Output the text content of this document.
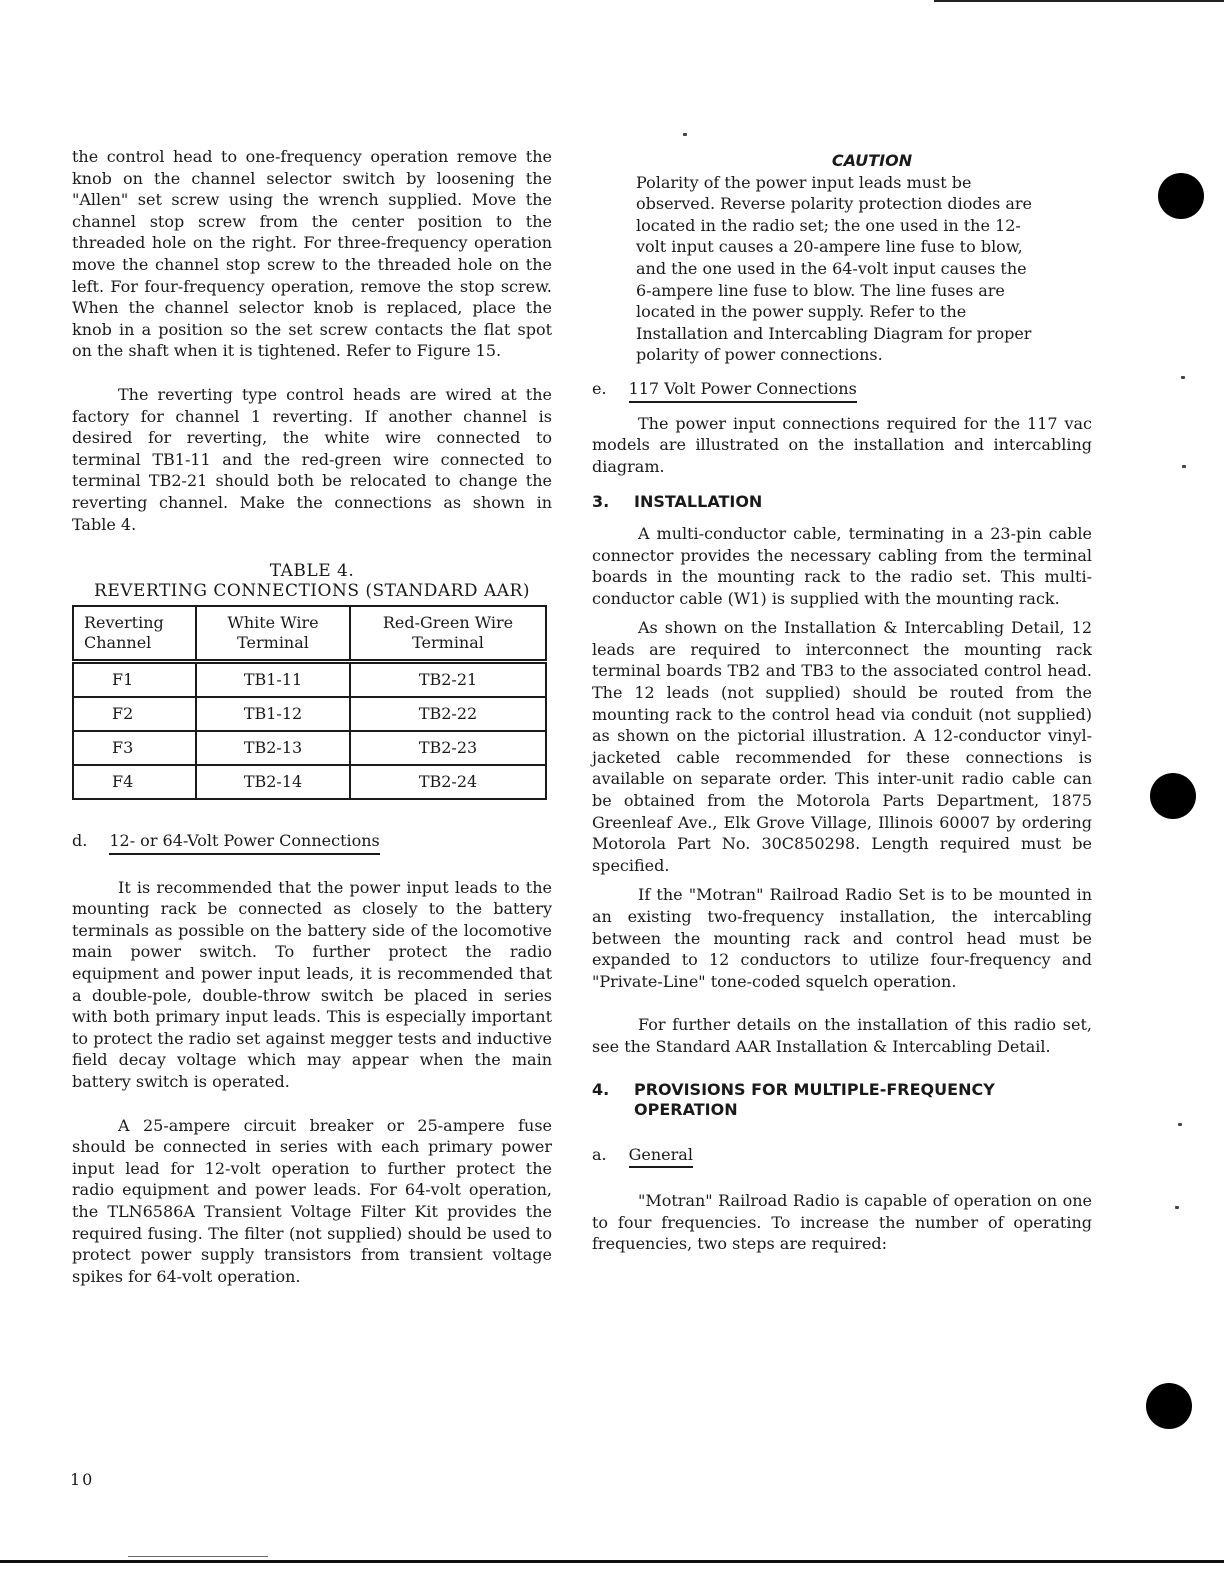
the control head to one-frequency operation remove the knob on the channel selector switch by loosening the "Allen" set screw using the wrench supplied. Move the channel stop screw from the center position to the threaded hole on the right. For three-frequency operation move the channel stop screw to the threaded hole on the left. For four-frequency operation, remove the stop screw. When the channel selector knob is replaced, place the knob in a position so the set screw contacts the flat spot on the shaft when it is tightened. Refer to Figure 15.

The reverting type control heads are wired at the factory for channel 1 reverting. If another channel is desired for reverting, the white wire connected to terminal TB1-11 and the red-green wire connected to terminal TB2-21 should both be relocated to change the reverting channel. Make the connections as shown in Table 4.

TABLE 4.
REVERTING CONNECTIONS (STANDARD AAR)
Reverting Channel	White Wire Terminal	Red-Green Wire Terminal
F1	TB1-11	TB2-21
F2	TB1-12	TB2-22
F3	TB2-13	TB2-23
F4	TB2-14	TB2-24
d. 12- or 64-Volt Power Connections

It is recommended that the power input leads to the mounting rack be connected as closely to the battery terminals as possible on the battery side of the locomotive main power switch. To further protect the radio equipment and power input leads, it is recommended that a double-pole, double-throw switch be placed in series with both primary input leads. This is especially important to protect the radio set against megger tests and inductive field decay voltage which may appear when the main battery switch is operated.

A 25-ampere circuit breaker or 25-ampere fuse should be connected in series with each primary power input lead for 12-volt operation to further protect the radio equipment and power leads. For 64-volt operation, the TLN6586A Transient Voltage Filter Kit provides the required fusing. The filter (not supplied) should be used to protect power supply transistors from transient voltage spikes for 64-volt operation.

CAUTION

Polarity of the power input leads must be observed. Reverse polarity protection diodes are located in the radio set; the one used in the 12-volt input causes a 20-ampere line fuse to blow, and the one used in the 64-volt input causes the 6-ampere line fuse to blow. The line fuses are located in the power supply. Refer to the Installation and Intercabling Diagram for proper polarity of power connections.

e. 117 Volt Power Connections

The power input connections required for the 117 vac models are illustrated on the installation and intercabling diagram.

3. INSTALLATION

A multi-conductor cable, terminating in a 23-pin cable connector provides the necessary cabling from the terminal boards in the mounting rack to the radio set. This multi-conductor cable (W1) is supplied with the mounting rack.

As shown on the Installation & Intercabling Detail, 12 leads are required to interconnect the mounting rack terminal boards TB2 and TB3 to the associated control head. The 12 leads (not supplied) should be routed from the mounting rack to the control head via conduit (not supplied) as shown on the pictorial illustration. A 12-conductor vinyl-jacketed cable recommended for these connections is available on separate order. This inter-unit radio cable can be obtained from the Motorola Parts Department, 1875 Greenleaf Ave., Elk Grove Village, Illinois 60007 by ordering Motorola Part No. 30C850298. Length required must be specified.

If the "Motran" Railroad Radio Set is to be mounted in an existing two-frequency installation, the intercabling between the mounting rack and control head must be expanded to 12 conductors to utilize four-frequency and "Private-Line" tone-coded squelch operation.

For further details on the installation of this radio set, see the Standard AAR Installation & Intercabling Detail.

4. PROVISIONS FOR MULTIPLE-FREQUENCY
OPERATION
a. General

"Motran" Railroad Radio is capable of operation on one to four frequencies. To increase the number of operating frequencies, two steps are required:

10
